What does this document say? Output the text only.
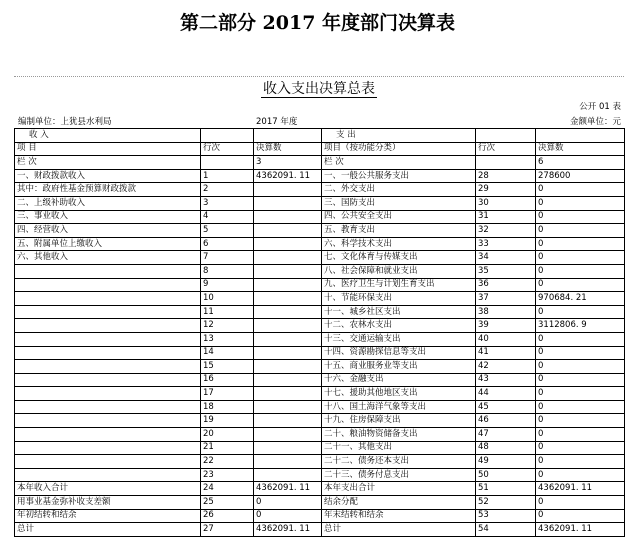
第二部分 2017 年度部门决算表
收入支出决算总表
公开 01 表
编制单位：上犹县水利局	2017 年度	金额单位：元
收 入			支 出		
项 目	行次	决算数	项目（按功能分类）	行次	决算数
栏 次		3	栏 次		6
一、财政拨款收入	1	4362091. 11	一、一般公共服务支出	28	278600
其中：政府性基金预算财政拨款	2		二、外交支出	29	0
二、上级补助收入	3		三、国防支出	30	0
三、事业收入	4		四、公共安全支出	31	0
四、经营收入	5		五、教育支出	32	0
五、附属单位上缴收入	6		六、科学技术支出	33	0
六、其他收入	7		七、文化体育与传媒支出	34	0
	8		八、社会保障和就业支出	35	0
	9		九、医疗卫生与计划生育支出	36	0
	10		十、节能环保支出	37	970684. 21
	11		十一、城乡社区支出	38	0
	12		十二、农林水支出	39	3112806. 9
	13		十三、交通运输支出	40	0
	14		十四、资源勘探信息等支出	41	0
	15		十五、商业服务业等支出	42	0
	16		十六、金融支出	43	0
	17		十七、援助其他地区支出	44	0
	18		十八、国土海洋气象等支出	45	0
	19		十九、住房保障支出	46	0
	20		二十、粮油物资储备支出	47	0
	21		二十一、其他支出	48	0
	22		二十二、债务还本支出	49	0
	23		二十三、债务付息支出	50	0
本年收入合计	24	4362091. 11	本年支出合计	51	4362091. 11
用事业基金弥补收支差额	25	0	结余分配	52	0
年初结转和结余	26	0	年末结转和结余	53	0
总计	27	4362091. 11	总计	54	4362091. 11
